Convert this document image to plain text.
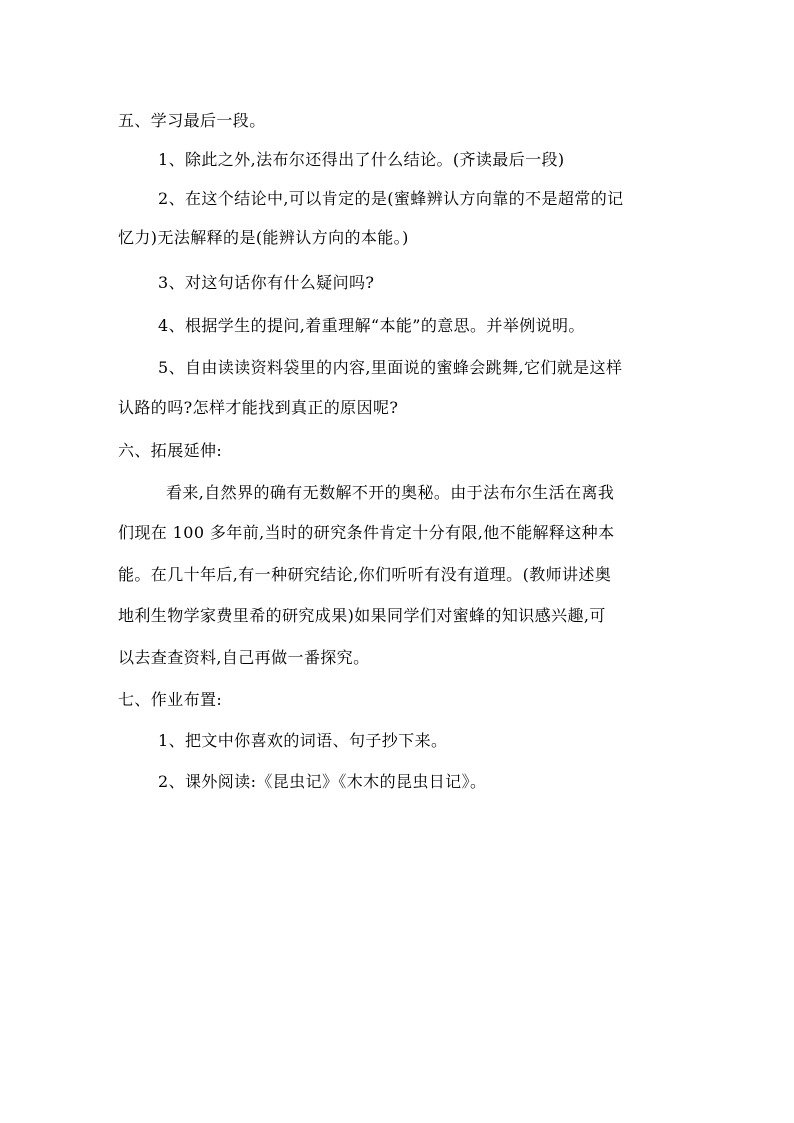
五、学习最后一段。
1、除此之外,法布尔还得出了什么结论。(齐读最后一段)
2、在这个结论中,可以肯定的是(蜜蜂辨认方向靠的不是超常的记
忆力)无法解释的是(能辨认方向的本能。)
3、对这句话你有什么疑问吗?
4、根据学生的提问,着重理解“本能”的意思。并举例说明。
5、自由读读资料袋里的内容,里面说的蜜蜂会跳舞,它们就是这样
认路的吗?怎样才能找到真正的原因呢?
六、拓展延伸:
看来,自然界的确有无数解不开的奥秘。由于法布尔生活在离我
们现在 100 多年前,当时的研究条件肯定十分有限,他不能解释这种本
能。在几十年后,有一种研究结论,你们听听有没有道理。(教师讲述奥
地利生物学家费里希的研究成果)如果同学们对蜜蜂的知识感兴趣,可
以去查查资料,自己再做一番探究。
七、作业布置:
1、把文中你喜欢的词语、句子抄下来。
2、课外阅读:《昆虫记》《木木的昆虫日记》。
